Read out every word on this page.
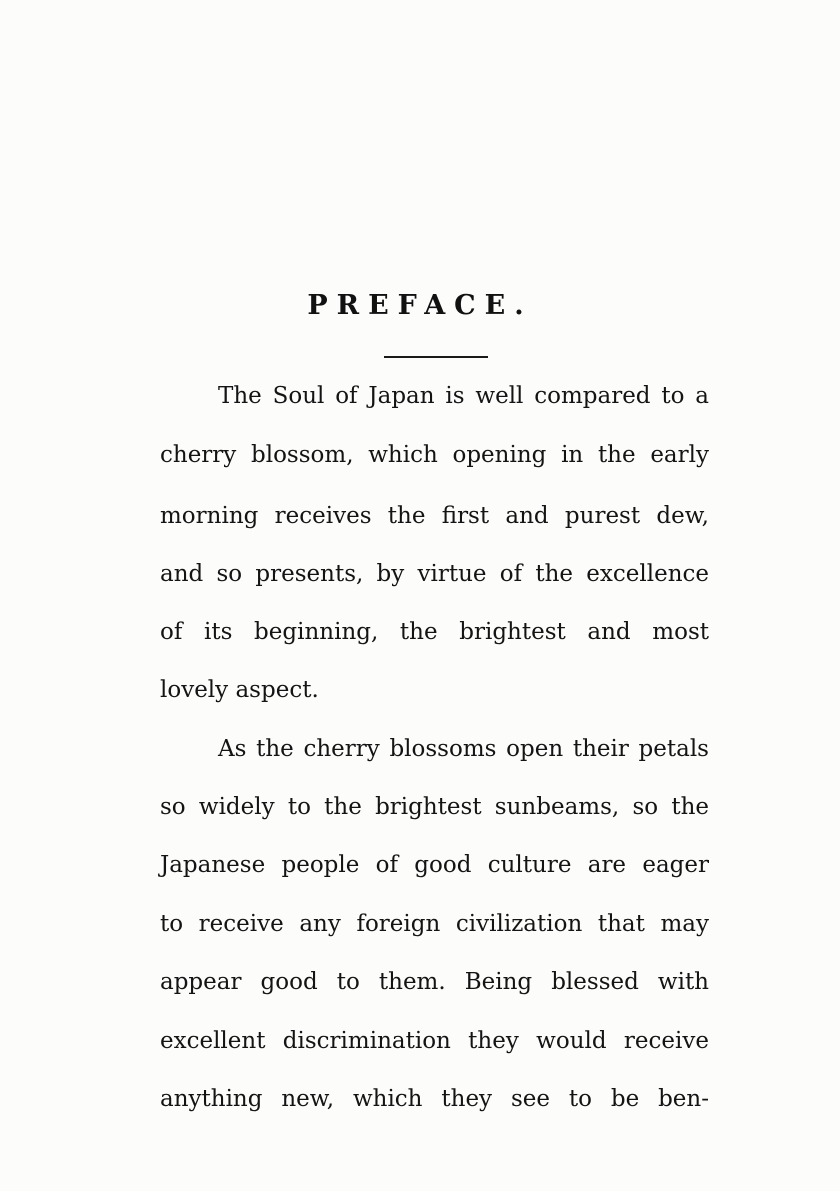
PREFACE.
The Soul of Japan is well compared to a
cherry blossom, which opening in the early
morning receives the first and purest dew,
and so presents, by virtue of the excellence
of its beginning, the brightest and most
lovely aspect.
As the cherry blossoms open their petals
so widely to the brightest sunbeams, so the
Japanese people of good culture are eager
to receive any foreign civilization that may
appear good to them. Being blessed with
excellent discrimination they would receive
anything new, which they see to be ben-
